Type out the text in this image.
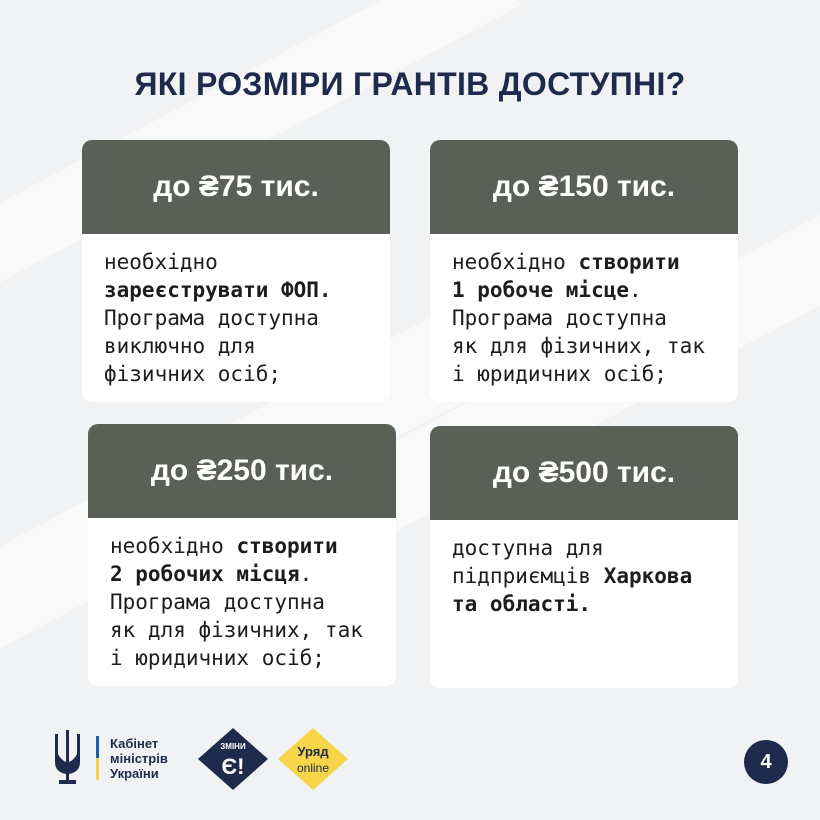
ЯКІ РОЗМІРИ ГРАНТІВ ДОСТУПНІ?
до ₴75 тис.
необхідно
зареєструвати ФОП.
Програма доступна
виключно для
фізичних осіб;
до ₴150 тис.
необхідно створити
1 робоче місце.
Програма доступна
як для фізичних, так
і юридичних осіб;
до ₴250 тис.
необхідно створити
2 робочих місця.
Програма доступна
як для фізичних, так
і юридичних осіб;
до ₴500 тис.
доступна для
підприємців Харкова
та області.
Кабінет
міністрів
України
ЗМІНИ
Є!
Уряд
online	4
